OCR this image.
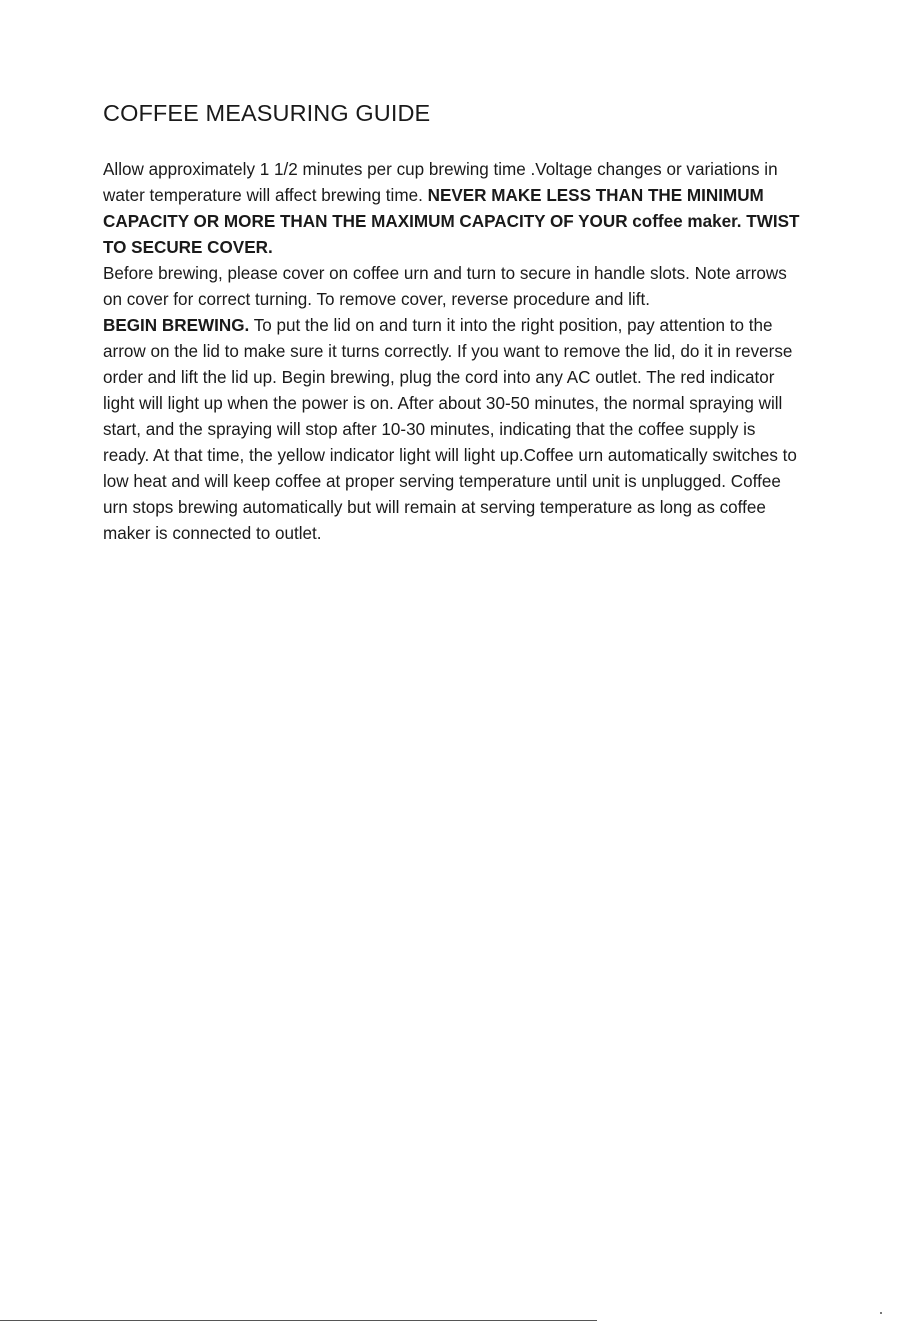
COFFEE MEASURING GUIDE

Allow approximately 1 1/2 minutes per cup brewing time .Voltage changes or variations in water temperature will affect brewing time. NEVER MAKE LESS THAN THE MINIMUM CAPACITY OR MORE THAN THE MAXIMUM CAPACITY OF YOUR coffee maker. TWIST TO SECURE COVER.

Before brewing, please cover on coffee urn and turn to secure in handle slots. Note arrows on cover for correct turning. To remove cover, reverse procedure and lift.

BEGIN BREWING. To put the lid on and turn it into the right position, pay attention to the arrow on the lid to make sure it turns correctly. If you want to remove the lid, do it in reverse order and lift the lid up. Begin brewing, plug the cord into any AC outlet. The red indicator light will light up when the power is on. After about 30-50 minutes, the normal spraying will start, and the spraying will stop after 10-30 minutes, indicating that the coffee supply is ready. At that time, the yellow indicator light will light up.Coffee urn automatically switches to low heat and will keep coffee at proper serving temperature until unit is unplugged. Coffee urn stops brewing automatically but will remain at serving temperature as long as coffee maker is connected to outlet.
